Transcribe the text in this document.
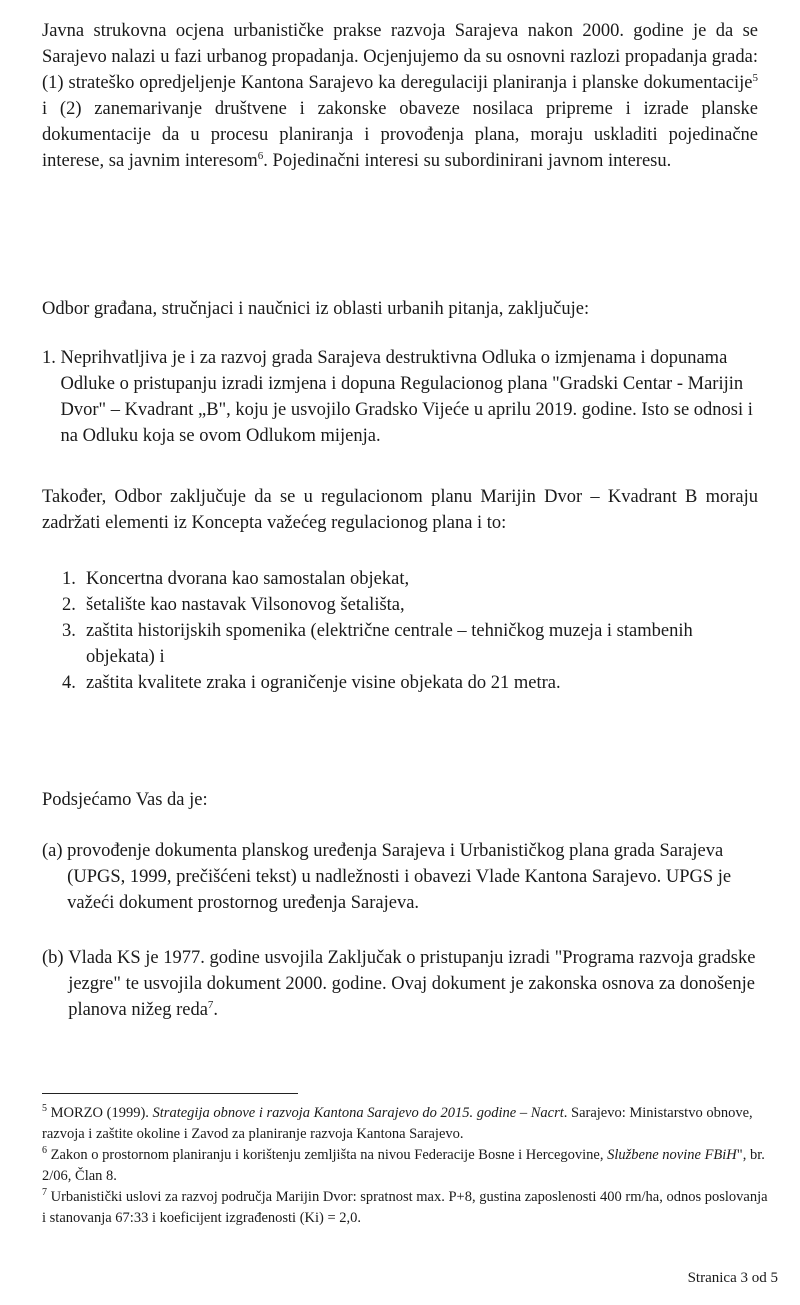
Javna strukovna ocjena urbanističke prakse razvoja Sarajeva nakon 2000. godine je da se Sarajevo nalazi u fazi urbanog propadanja. Ocjenjujemo da su osnovni razlozi propadanja grada: (1) strateško opredjeljenje Kantona Sarajevo ka deregulaciji planiranja i planske dokumentacije$^5$ i (2) zanemarivanje društvene i zakonske obaveze nosilaca pripreme i izrade planske dokumentacije da u procesu planiranja i provođenja plana, moraju uskladiti pojedinačne interese, sa javnim interesom$^6$. Pojedinačni interesi su subordinirani javnom interesu.

Odbor građana, stručnjaci i naučnici iz oblasti urbanih pitanja, zaključuje:

1. Neprihvatljiva je i za razvoj grada Sarajeva destruktivna Odluka o izmjenama i dopunama Odluke o pristupanju izradi izmjena i dopuna Regulacionog plana "Gradski Centar - Marijin Dvor" – Kvadrant „B", koju je usvojilo Gradsko Vijeće u aprilu 2019. godine. Isto se odnosi i na Odluku koja se ovom Odlukom mijenja.

Također, Odbor zaključuje da se u regulacionom planu Marijin Dvor – Kvadrant B moraju zadržati elementi iz Koncepta važećeg regulacionog plana i to:

1. Koncertna dvorana kao samostalan objekat,
2. šetalište kao nastavak Vilsonovog šetališta,
3. zaštita historijskih spomenika (električne centrale – tehničkog muzeja i stambenih objekata) i
4. zaštita kvalitete zraka i ograničenje visine objekata do 21 metra.

Podsjećamo Vas da je:

(a) provođenje dokumenta planskog uređenja Sarajeva i Urbanističkog plana grada Sarajeva (UPGS, 1999, prečišćeni tekst) u nadležnosti i obavezi Vlade Kantona Sarajevo. UPGS je važeći dokument prostornog uređenja Sarajeva.
(b) Vlada KS je 1977. godine usvojila Zaključak o pristupanju izradi "Programa razvoja gradske jezgre" te usvojila dokument 2000. godine. Ovaj dokument je zakonska osnova za donošenje planova nižeg reda$^7$.
$^5$ MORZO (1999). Strategija obnove i razvoja Kantona Sarajevo do 2015. godine – Nacrt. Sarajevo: Ministarstvo obnove, razvoja i zaštite okoline i Zavod za planiranje razvoja Kantona Sarajevo.
$^6$ Zakon o prostornom planiranju i korištenju zemljišta na nivou Federacije Bosne i Hercegovine, Službene novine FBiH", br. 2/06, Član 8.
$^7$ Urbanistički uslovi za razvoj područja Marijin Dvor: spratnost max. P+8, gustina zaposlenosti 400 rm/ha, odnos poslovanja i stanovanja 67:33 i koeficijent izgrađenosti (Ki) = 2,0.
Stranica 3 od 5
